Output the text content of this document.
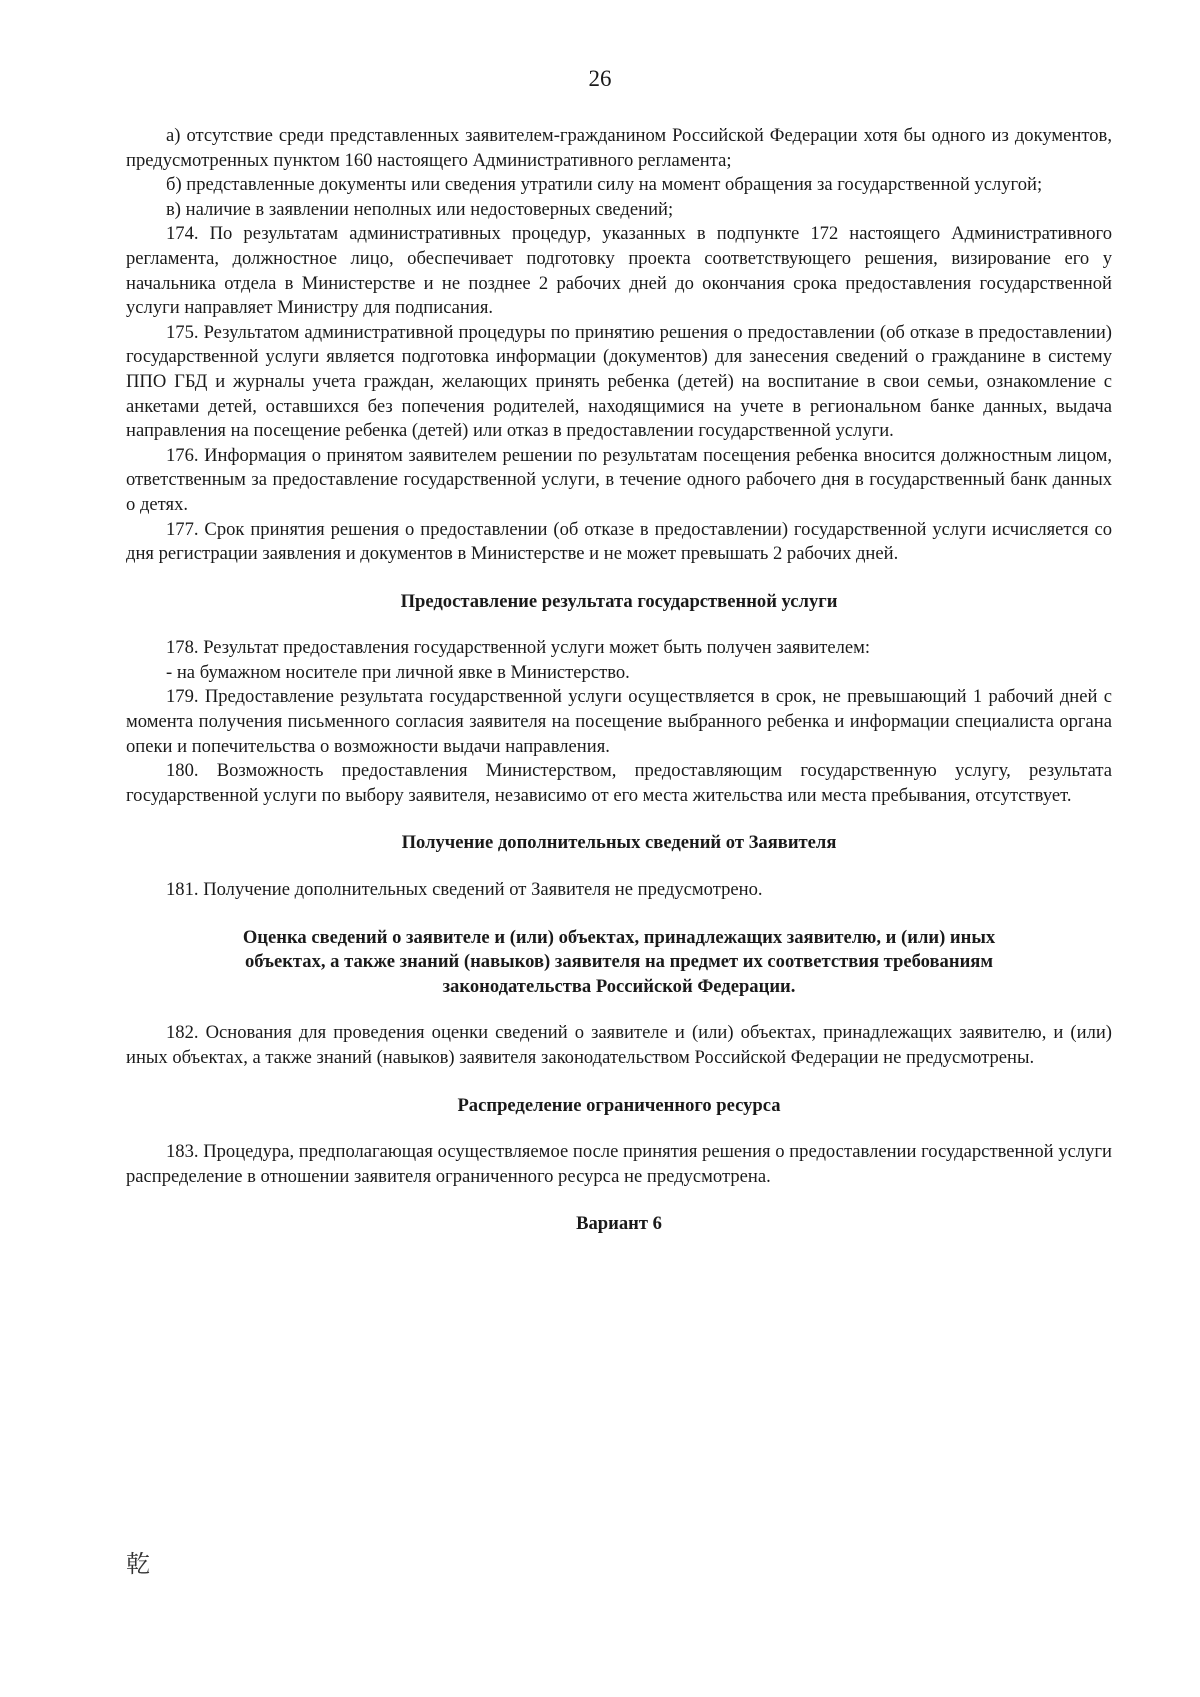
26

а) отсутствие среди представленных заявителем-гражданином Российской Федерации хотя бы одного из документов, предусмотренных пунктом 160 настоящего Административного регламента;

б) представленные документы или сведения утратили силу на момент обращения за государственной услугой;

в) наличие в заявлении неполных или недостоверных сведений;

174. По результатам административных процедур, указанных в подпункте 172 настоящего Административного регламента, должностное лицо, обеспечивает подготовку проекта соответствующего решения, визирование его у начальника отдела в Министерстве и не позднее 2 рабочих дней до окончания срока предоставления государственной услуги направляет Министру для подписания.

175. Результатом административной процедуры по принятию решения о предоставлении (об отказе в предоставлении) государственной услуги является подготовка информации (документов) для занесения сведений о гражданине в систему ППО ГБД и журналы учета граждан, желающих принять ребенка (детей) на воспитание в свои семьи, ознакомление с анкетами детей, оставшихся без попечения родителей, находящимися на учете в региональном банке данных, выдача направления на посещение ребенка (детей) или отказ в предоставлении государственной услуги.

176. Информация о принятом заявителем решении по результатам посещения ребенка вносится должностным лицом, ответственным за предоставление государственной услуги, в течение одного рабочего дня в государственный банк данных о детях.

177. Срок принятия решения о предоставлении (об отказе в предоставлении) государственной услуги исчисляется со дня регистрации заявления и документов в Министерстве и не может превышать 2 рабочих дней.

Предоставление результата государственной услуги

178. Результат предоставления государственной услуги может быть получен заявителем:

- на бумажном носителе при личной явке в Министерство.

179. Предоставление результата государственной услуги осуществляется в срок, не превышающий 1 рабочий дней с момента получения письменного согласия заявителя на посещение выбранного ребенка и информации специалиста органа опеки и попечительства о возможности выдачи направления.

180. Возможность предоставления Министерством, предоставляющим государственную услугу, результата государственной услуги по выбору заявителя, независимо от его места жительства или места пребывания, отсутствует.

Получение дополнительных сведений от Заявителя

181. Получение дополнительных сведений от Заявителя не предусмотрено.

Оценка сведений о заявителе и (или) объектах, принадлежащих заявителю, и (или) иных объектах, а также знаний (навыков) заявителя на предмет их соответствия требованиям законодательства Российской Федерации.

182. Основания для проведения оценки сведений о заявителе и (или) объектах, принадлежащих заявителю, и (или) иных объектах, а также знаний (навыков) заявителя законодательством Российской Федерации не предусмотрены.

Распределение ограниченного ресурса

183. Процедура, предполагающая осуществляемое после принятия решения о предоставлении государственной услуги распределение в отношении заявителя ограниченного ресурса не предусмотрена.

Вариант 6

乾
